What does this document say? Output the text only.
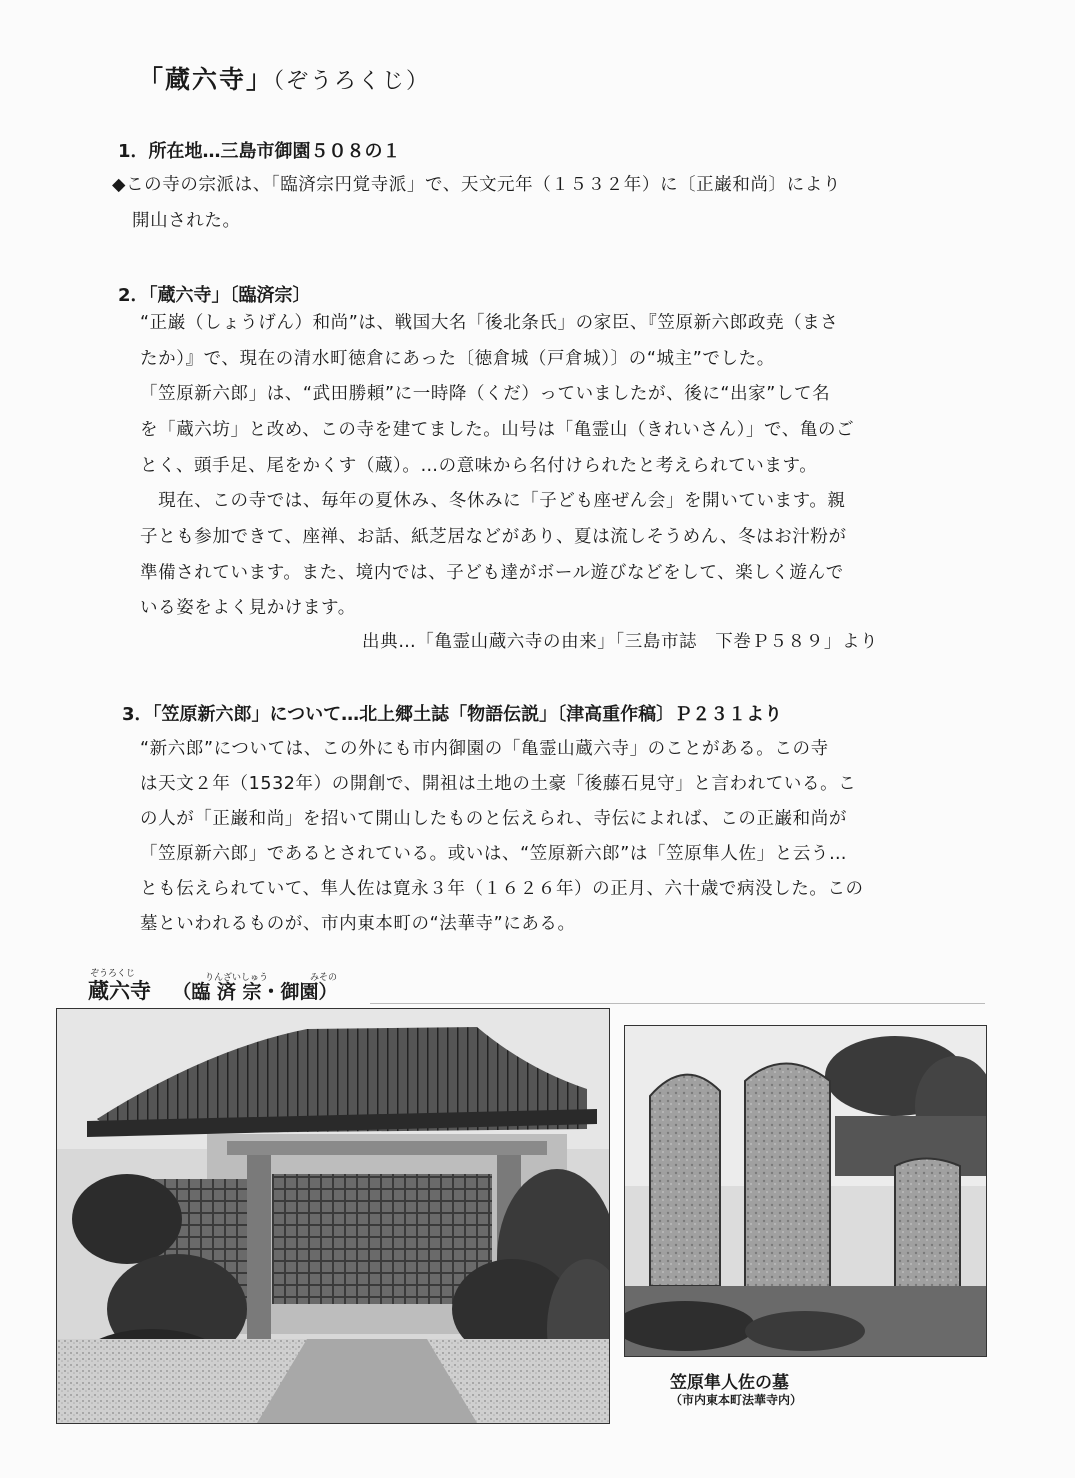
「蔵六寺」（ぞうろくじ）
1．所在地…三島市御園５０８の１
◆この寺の宗派は、「臨済宗円覚寺派」で、天文元年（１５３２年）に〔正巌和尚〕により
開山された。
2．「蔵六寺」〔臨済宗〕
“正巌（しょうげん）和尚”は、戦国大名「後北条氏」の家臣、『笠原新六郎政尭（まさ
たか）』で、現在の清水町徳倉にあった〔徳倉城（戸倉城）〕の“城主”でした。
「笠原新六郎」は、“武田勝頼”に一時降（くだ）っていましたが、後に“出家”して名
を「蔵六坊」と改め、この寺を建てました。山号は「亀霊山（きれいさん）」で、亀のご
とく、頭手足、尾をかくす（蔵）。…の意味から名付けられたと考えられています。
　現在、この寺では、毎年の夏休み、冬休みに「子ども座ぜん会」を開いています。親
子とも参加できて、座禅、お話、紙芝居などがあり、夏は流しそうめん、冬はお汁粉が
準備されています。また、境内では、子ども達がボール遊びなどをして、楽しく遊んで
いる姿をよく見かけます。
出典…「亀霊山蔵六寺の由来」「三島市誌　下巻Ｐ５８９」より
3．「笠原新六郎」について…北上郷土誌「物語伝説」〔津高重作稿〕Ｐ２３１より
“新六郎”については、この外にも市内御園の「亀霊山蔵六寺」のことがある。この寺
は天文２年（1532年）の開創で、開祖は土地の土豪「後藤石見守」と言われている。こ
の人が「正巌和尚」を招いて開山したものと伝えられ、寺伝によれば、この正巌和尚が
「笠原新六郎」であるとされている。或いは、“笠原新六郎”は「笠原隼人佐」と云う…
とも伝えられていて、隼人佐は寛永３年（１６２６年）の正月、六十歳で病没した。この
墓といわれるものが、市内東本町の“法華寺”にある。
ぞうろくじ	りんざいしゅう	みその
蔵六寺 （臨 済 宗・御園）
笠原隼人佐の墓
（市内東本町法華寺内）
